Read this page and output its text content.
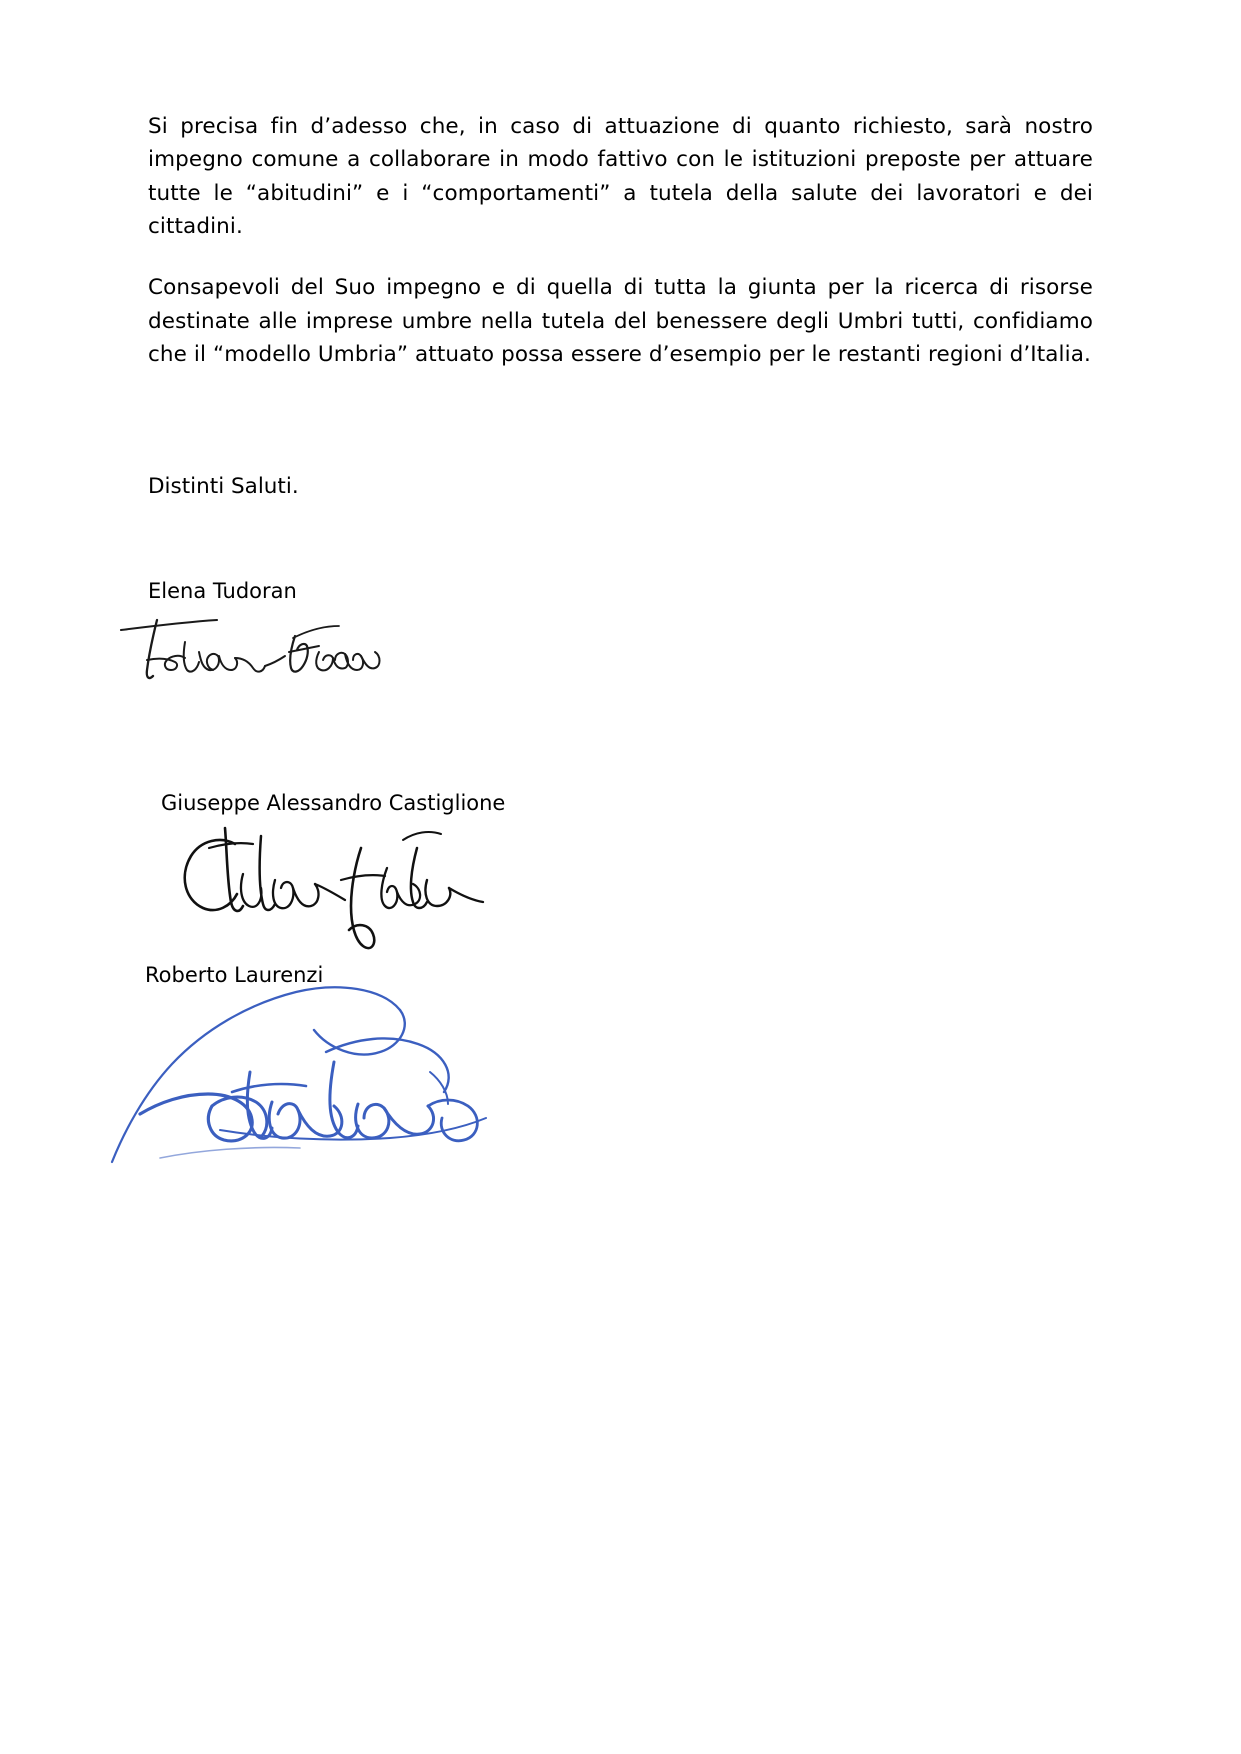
Si precisa fin d’adesso che, in caso di attuazione di quanto richiesto, sarà nostro impegno comune a collaborare in modo fattivo con le istituzioni preposte per attuare tutte le “abitudini” e i “comportamenti” a tutela della salute dei lavoratori e dei cittadini.

Consapevoli del Suo impegno e di quella di tutta la giunta per la ricerca di risorse destinate alle imprese umbre nella tutela del benessere degli Umbri tutti, confidiamo che il “modello Umbria” attuato possa essere d’esempio per le restanti regioni d’Italia.

Distinti Saluti.
Elena Tudoran
Giuseppe Alessandro Castiglione
Roberto Laurenzi
